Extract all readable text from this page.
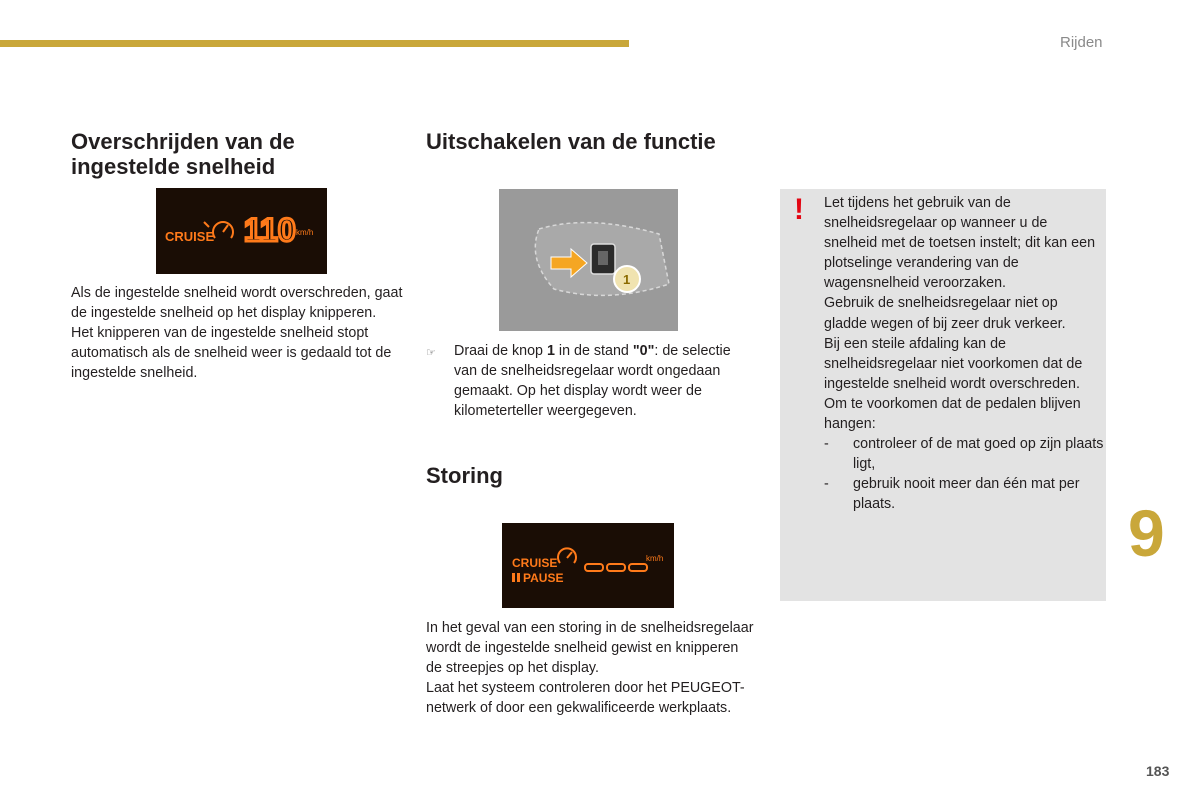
Rijden
Overschrijden van de
ingestelde snelheid
CRUISE 110 km/h

Als de ingestelde snelheid wordt overschreden, gaat de ingestelde snelheid op het display knipperen.

Het knipperen van de ingestelde snelheid stopt automatisch als de snelheid weer is gedaald tot de ingestelde snelheid.

Uitschakelen van de functie
1
☞	Draai de knop 1 in de stand "0": de selectie van de snelheidsregelaar wordt ongedaan gemaakt. Op het display wordt weer de kilometerteller weergegeven.
Storing
CRUISE
PAUSE
km/h

In het geval van een storing in de snelheidsregelaar wordt de ingestelde snelheid gewist en knipperen de streepjes op het display.

Laat het systeem controleren door het PEUGEOT-netwerk of door een gekwalificeerde werkplaats.

! Let tijdens het gebruik van de snelheidsregelaar op wanneer u de snelheid met de toetsen instelt; dit kan een plotselinge verandering van de wagensnelheid veroorzaken.

Gebruik de snelheidsregelaar niet op gladde wegen of bij zeer druk verkeer.

Bij een steile afdaling kan de snelheidsregelaar niet voorkomen dat de ingestelde snelheid wordt overschreden.

Om te voorkomen dat de pedalen blijven hangen:

-	controleer of de mat goed op zijn plaats ligt,
-	gebruik nooit meer dan één mat per plaats.	9
183
